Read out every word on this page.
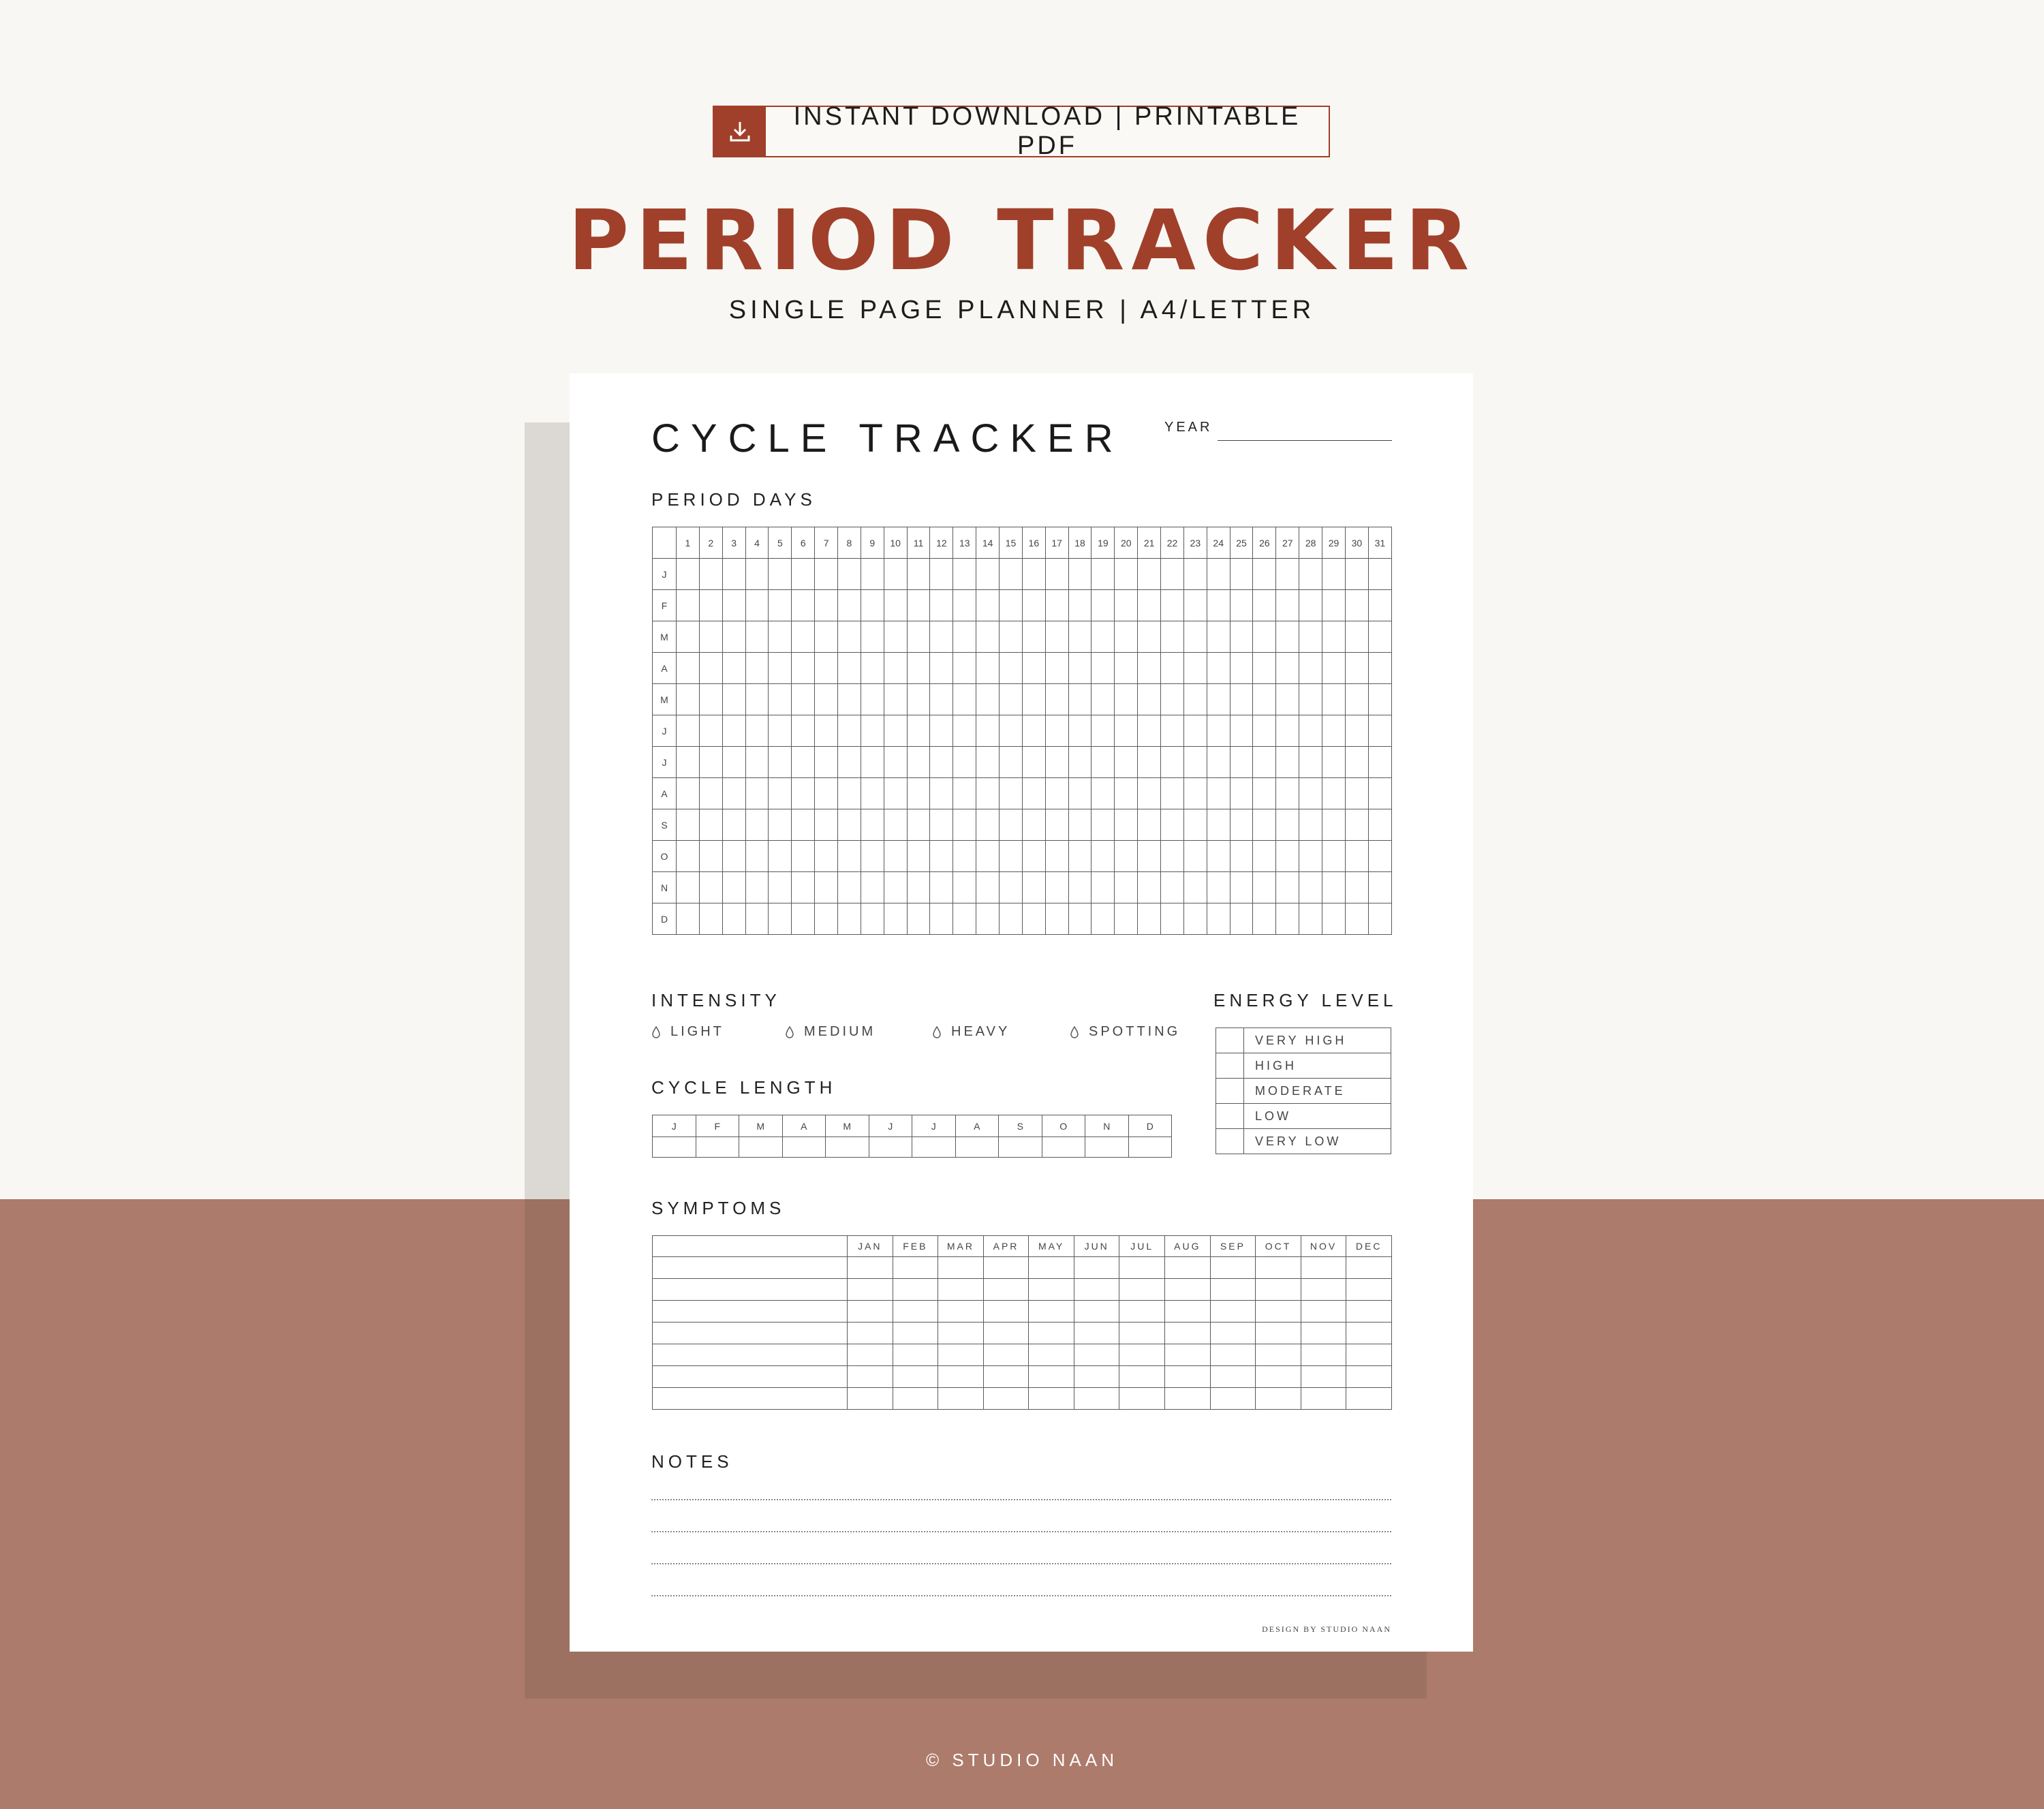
INSTANT DOWNLOAD | PRINTABLE PDF
PERIOD TRACKER
SINGLE PAGE PLANNER | A4/LETTER
CYCLE TRACKER	YEAR
PERIOD DAYS
	1	2	3	4	5	6	7	8	9	10	11	12	13	14	15	16	17	18	19	20	21	22	23	24	25	26	27	28	29	30	31
J																															
F																															
M																															
A																															
M																															
J																															
J																															
A																															
S																															
O																															
N																															
D																															
INTENSITY
LIGHT	MEDIUM	HEAVY	SPOTTING
ENERGY LEVEL
	VERY HIGH
	HIGH
	MODERATE
	LOW
	VERY LOW
CYCLE LENGTH
J	F	M	A	M	J	J	A	S	O	N	D

SYMPTOMS
	JAN	FEB	MAR	APR	MAY	JUN	JUL	AUG	SEP	OCT	NOV	DEC

NOTES
DESIGN BY STUDIO NAAN
© STUDIO NAAN
